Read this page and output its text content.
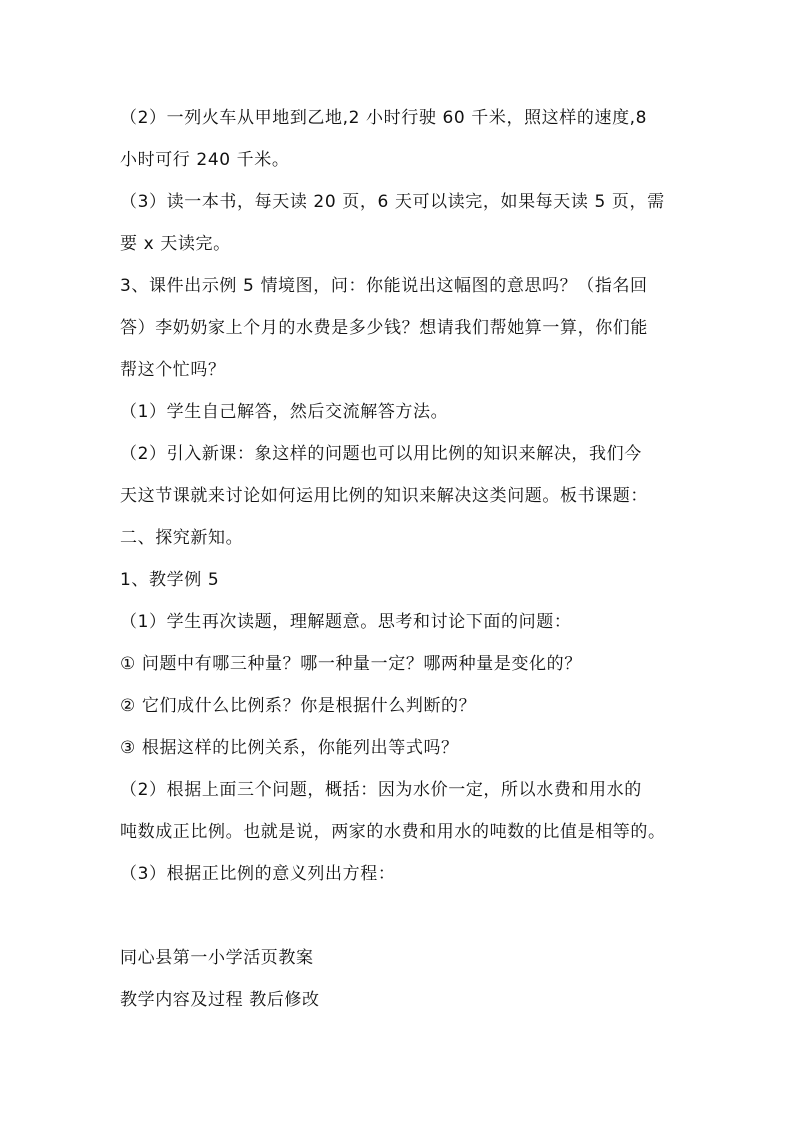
（2）一列火车从甲地到乙地,2 小时行驶 60 千米，照这样的速度,8
小时可行 240 千米。
（3）读一本书，每天读 20 页，6 天可以读完，如果每天读 5 页，需
要 x 天读完。
3、课件出示例 5 情境图，问：你能说出这幅图的意思吗？（指名回
答）李奶奶家上个月的水费是多少钱？想请我们帮她算一算，你们能
帮这个忙吗？
（1）学生自己解答，然后交流解答方法。
（2）引入新课：象这样的问题也可以用比例的知识来解决，我们今
天这节课就来讨论如何运用比例的知识来解决这类问题。板书课题：
二、探究新知。
1、教学例 5
（1）学生再次读题，理解题意。思考和讨论下面的问题：
① 问题中有哪三种量？哪一种量一定？哪两种量是变化的？
② 它们成什么比例系？你是根据什么判断的？
③ 根据这样的比例关系，你能列出等式吗？
（2）根据上面三个问题，概括：因为水价一定，所以水费和用水的
吨数成正比例。也就是说，两家的水费和用水的吨数的比值是相等的。
（3）根据正比例的意义列出方程：
同心县第一小学活页教案
教学内容及过程 教后修改
